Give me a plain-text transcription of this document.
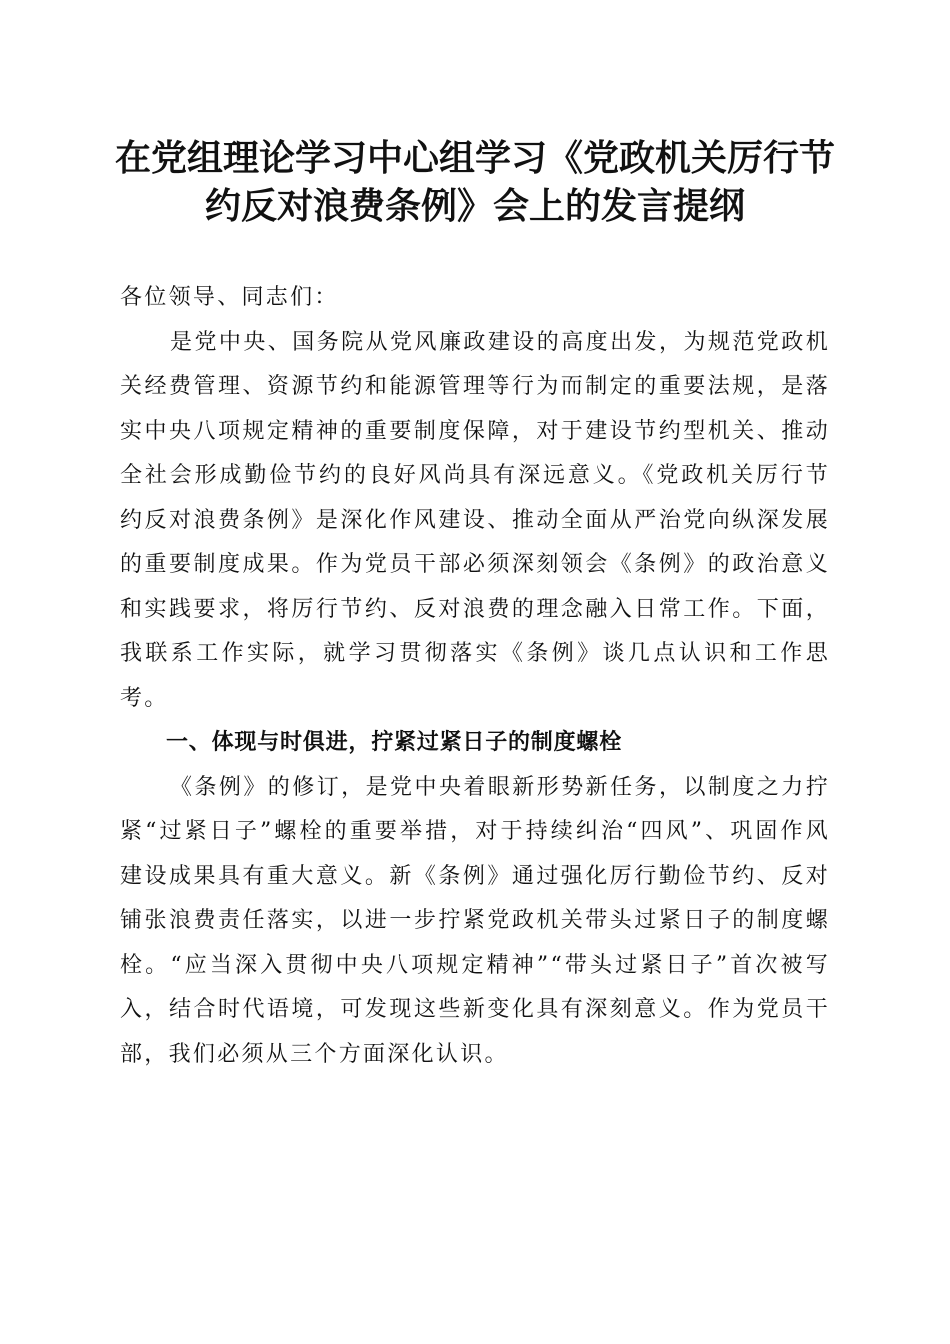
在党组理论学习中心组学习《党政机关厉行节
约反对浪费条例》会上的发言提纲

各位领导、同志们：

是党中央、国务院从党风廉政建设的高度出发，为规范党政机关经费管理、资源节约和能源管理等行为而制定的重要法规，是落实中央八项规定精神的重要制度保障，对于建设节约型机关、推动全社会形成勤俭节约的良好风尚具有深远意义。《党政机关厉行节约反对浪费条例》是深化作风建设、推动全面从严治党向纵深发展的重要制度成果。作为党员干部必须深刻领会《条例》的政治意义和实践要求，将厉行节约、反对浪费的理念融入日常工作。下面，我联系工作实际，就学习贯彻落实《条例》谈几点认识和工作思考。

一、体现与时俱进，拧紧过紧日子的制度螺栓

《条例》的修订，是党中央着眼新形势新任务，以制度之力拧紧“过紧日子”螺栓的重要举措，对于持续纠治“四风”、巩固作风建设成果具有重大意义。新《条例》通过强化厉行勤俭节约、反对铺张浪费责任落实，以进一步拧紧党政机关带头过紧日子的制度螺栓。“应当深入贯彻中央八项规定精神”“带头过紧日子”首次被写入，结合时代语境，可发现这些新变化具有深刻意义。作为党员干部，我们必须从三个方面深化认识。
